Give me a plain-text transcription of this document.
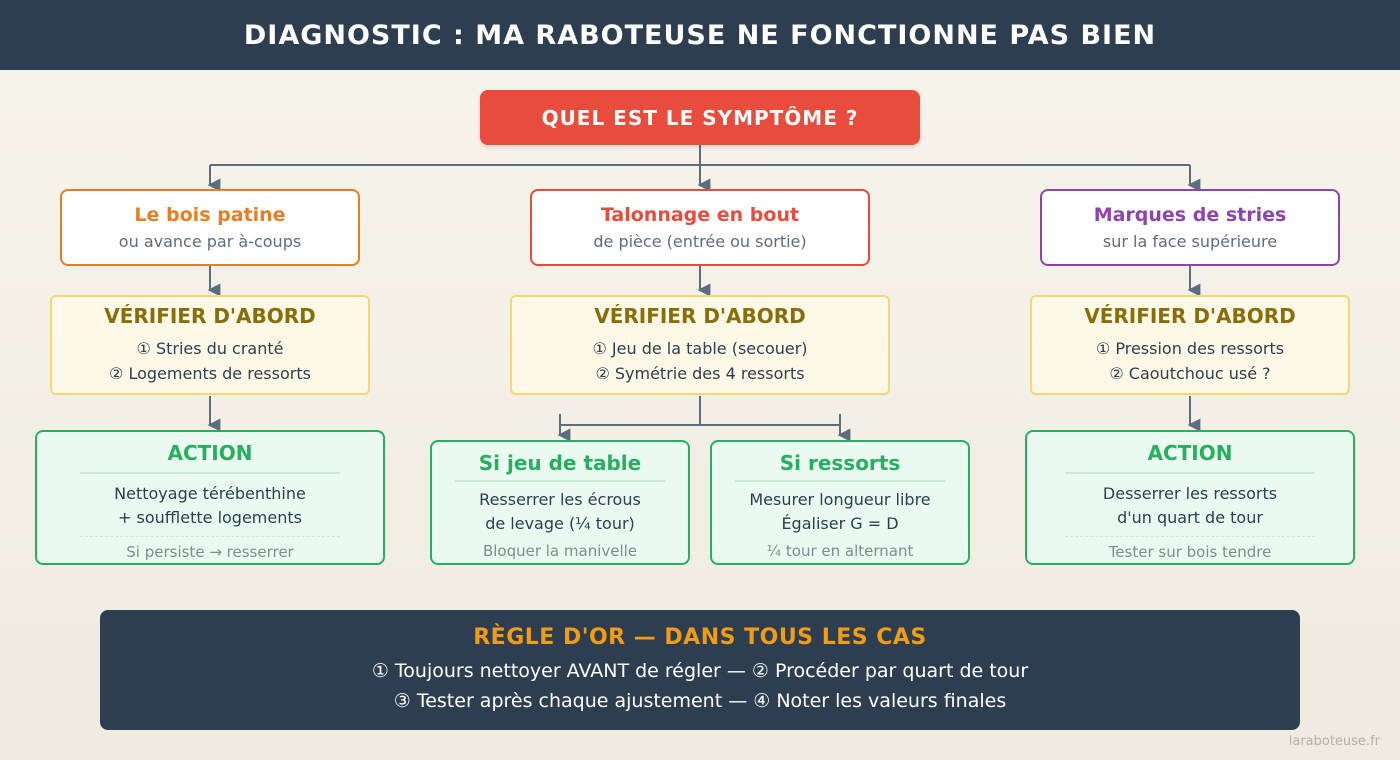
DIAGNOSTIC : MA RABOTEUSE NE FONCTIONNE PAS BIEN
QUEL EST LE SYMPTÔME ?
Le bois patine
ou avance par à-coups
VÉRIFIER D'ABORD
① Stries du cranté
② Logements de ressorts
ACTION
Nettoyage térébenthine
+ soufflette logements
Si persiste → resserrer
Talonnage en bout
de pièce (entrée ou sortie)
VÉRIFIER D'ABORD
① Jeu de la table (secouer)
② Symétrie des 4 ressorts
Si jeu de table
Resserrer les écrous
de levage (¼ tour)
Bloquer la manivelle
Si ressorts
Mesurer longueur libre
Égaliser G = D
¼ tour en alternant
Marques de stries
sur la face supérieure
VÉRIFIER D'ABORD
① Pression des ressorts
② Caoutchouc usé ?
ACTION
Desserrer les ressorts
d'un quart de tour
Tester sur bois tendre
RÈGLE D'OR — DANS TOUS LES CAS
① Toujours nettoyer AVANT de régler — ② Procéder par quart de tour
③ Tester après chaque ajustement — ④ Noter les valeurs finales
laraboteuse.fr
